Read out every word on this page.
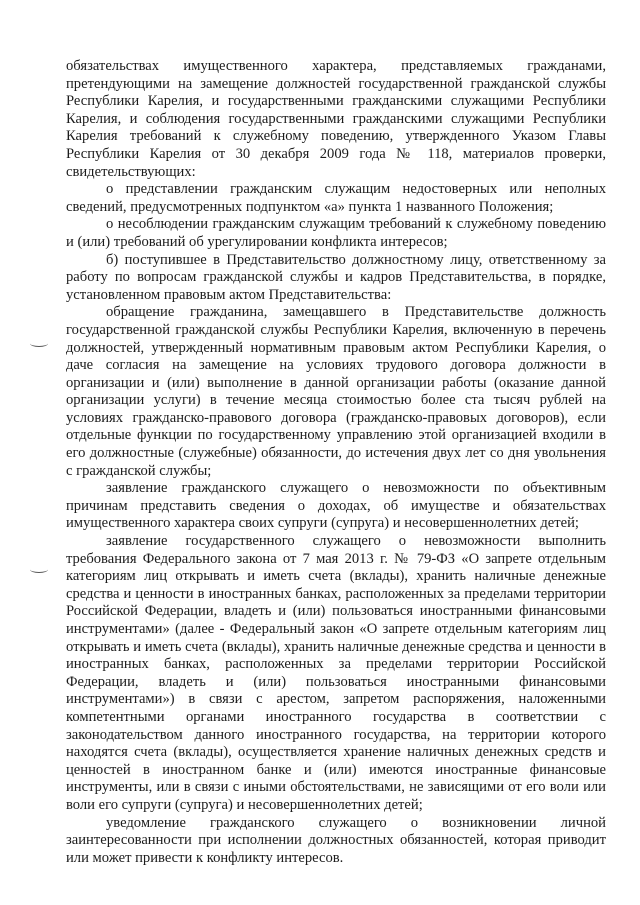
обязательствах имущественного характера, представляемых гражданами, претендующими на замещение должностей государственной гражданской службы Республики Карелия, и государственными гражданскими служащими Республики Карелия, и соблюдения государственными гражданскими служащими Республики Карелия требований к служебному поведению, утвержденного Указом Главы Республики Карелия от 30 декабря 2009 года № 118, материалов проверки, свидетельствующих:

о представлении гражданским служащим недостоверных или неполных сведений, предусмотренных подпунктом «а» пункта 1 названного Положения;

о несоблюдении гражданским служащим требований к служебному поведению и (или) требований об урегулировании конфликта интересов;

б) поступившее в Представительство должностному лицу, ответственному за работу по вопросам гражданской службы и кадров Представительства, в порядке, установленном правовым актом Представительства:

обращение гражданина, замещавшего в Представительстве должность государственной гражданской службы Республики Карелия, включенную в перечень должностей, утвержденный нормативным правовым актом Республики Карелия, о даче согласия на замещение на условиях трудового договора должности в организации и (или) выполнение в данной организации работы (оказание данной организации услуги) в течение месяца стоимостью более ста тысяч рублей на условиях гражданско-правового договора (гражданско-правовых договоров), если отдельные функции по государственному управлению этой организацией входили в его должностные (служебные) обязанности, до истечения двух лет со дня увольнения с гражданской службы;

заявление гражданского служащего о невозможности по объективным причинам представить сведения о доходах, об имуществе и обязательствах имущественного характера своих супруги (супруга) и несовершеннолетних детей;

заявление государственного служащего о невозможности выполнить требования Федерального закона от 7 мая 2013 г. № 79-ФЗ «О запрете отдельным категориям лиц открывать и иметь счета (вклады), хранить наличные денежные средства и ценности в иностранных банках, расположенных за пределами территории Российской Федерации, владеть и (или) пользоваться иностранными финансовыми инструментами» (далее - Федеральный закон «О запрете отдельным категориям лиц открывать и иметь счета (вклады), хранить наличные денежные средства и ценности в иностранных банках, расположенных за пределами территории Российской Федерации, владеть и (или) пользоваться иностранными финансовыми инструментами») в связи с арестом, запретом распоряжения, наложенными компетентными органами иностранного государства в соответствии с законодательством данного иностранного государства, на территории которого находятся счета (вклады), осуществляется хранение наличных денежных средств и ценностей в иностранном банке и (или) имеются иностранные финансовые инструменты, или в связи с иными обстоятельствами, не зависящими от его воли или воли его супруги (супруга) и несовершеннолетних детей;

уведомление гражданского служащего о возникновении личной заинтересованности при исполнении должностных обязанностей, которая приводит или может привести к конфликту интересов.
